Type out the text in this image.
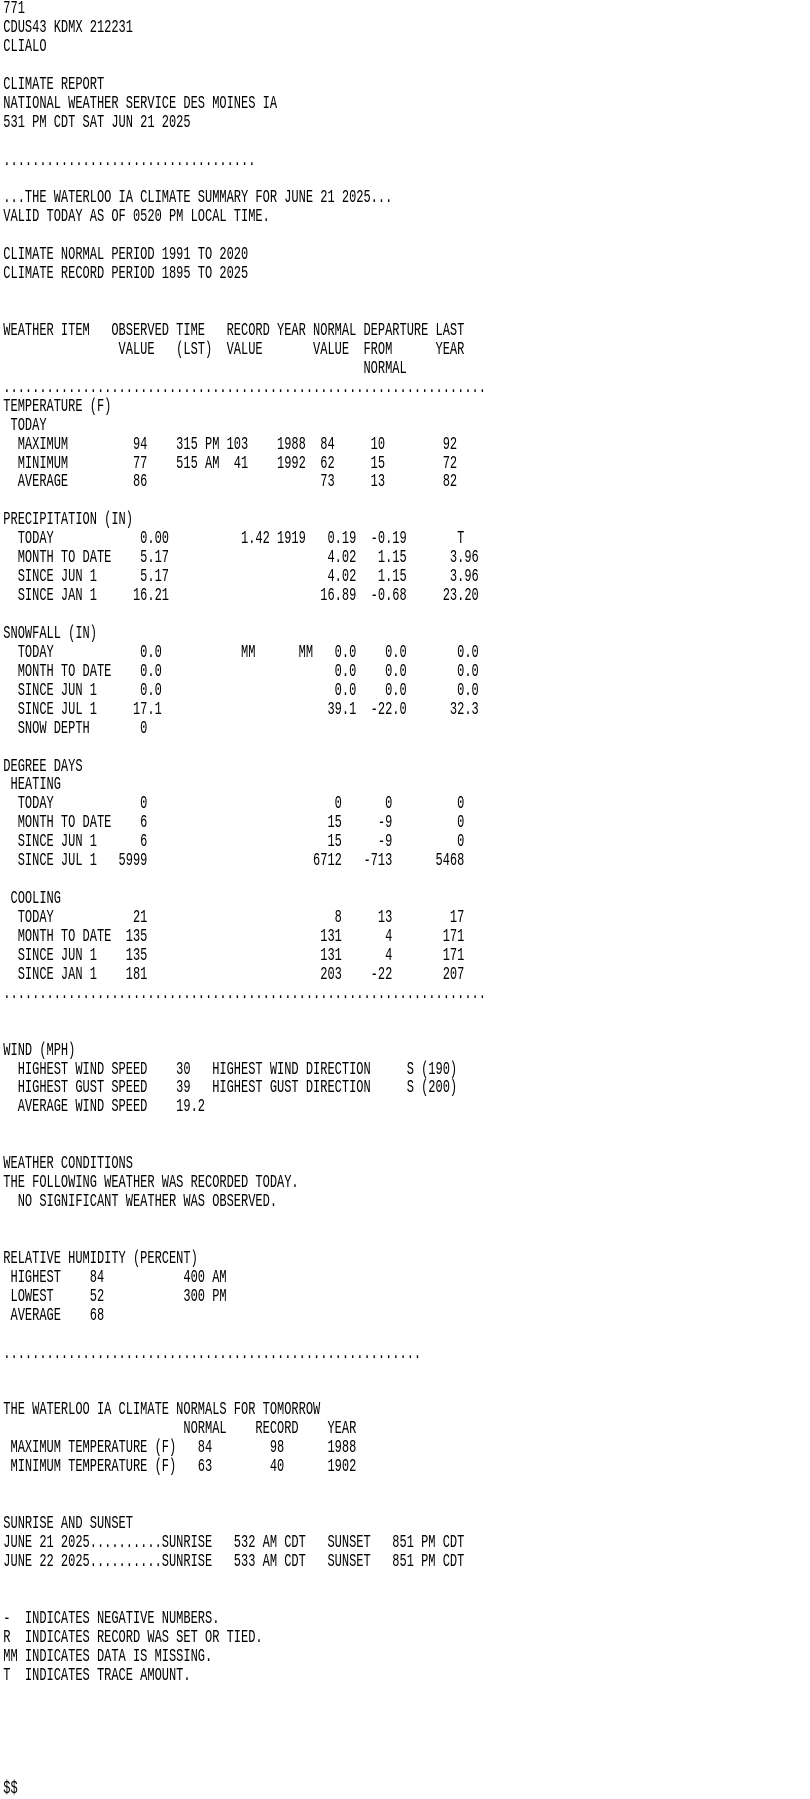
771
CDUS43 KDMX 212231
CLIALO
CLIMATE REPORT
NATIONAL WEATHER SERVICE DES MOINES IA
531 PM CDT SAT JUN 21 2025
...................................
...THE WATERLOO IA CLIMATE SUMMARY FOR JUNE 21 2025...
VALID TODAY AS OF 0520 PM LOCAL TIME.
CLIMATE NORMAL PERIOD 1991 TO 2020
CLIMATE RECORD PERIOD 1895 TO 2025
WEATHER ITEM   OBSERVED TIME   RECORD YEAR NORMAL DEPARTURE LAST
VALUE   (LST)  VALUE       VALUE  FROM      YEAR
NORMAL
...................................................................
TEMPERATURE (F)
TODAY
MAXIMUM         94    315 PM 103    1988  84     10        92
MINIMUM         77    515 AM  41    1992  62     15        72
AVERAGE         86                        73     13        82
PRECIPITATION (IN)
TODAY            0.00          1.42 1919   0.19  -0.19       T
MONTH TO DATE    5.17                      4.02   1.15      3.96
SINCE JUN 1      5.17                      4.02   1.15      3.96
SINCE JAN 1     16.21                     16.89  -0.68     23.20
SNOWFALL (IN)
TODAY            0.0           MM      MM   0.0    0.0       0.0
MONTH TO DATE    0.0                        0.0    0.0       0.0
SINCE JUN 1      0.0                        0.0    0.0       0.0
SINCE JUL 1     17.1                       39.1  -22.0      32.3
SNOW DEPTH       0
DEGREE DAYS
HEATING
TODAY            0                          0      0         0
MONTH TO DATE    6                         15     -9         0
SINCE JUN 1      6                         15     -9         0
SINCE JUL 1   5999                       6712   -713      5468
COOLING
TODAY           21                          8     13        17
MONTH TO DATE  135                        131      4       171
SINCE JUN 1    135                        131      4       171
SINCE JAN 1    181                        203    -22       207
...................................................................
WIND (MPH)
HIGHEST WIND SPEED    30   HIGHEST WIND DIRECTION     S (190)
HIGHEST GUST SPEED    39   HIGHEST GUST DIRECTION     S (200)
AVERAGE WIND SPEED    19.2
WEATHER CONDITIONS
THE FOLLOWING WEATHER WAS RECORDED TODAY.
NO SIGNIFICANT WEATHER WAS OBSERVED.
RELATIVE HUMIDITY (PERCENT)
HIGHEST    84           400 AM
LOWEST     52           300 PM
AVERAGE    68
..........................................................
THE WATERLOO IA CLIMATE NORMALS FOR TOMORROW
NORMAL    RECORD    YEAR
MAXIMUM TEMPERATURE (F)   84        98      1988
MINIMUM TEMPERATURE (F)   63        40      1902
SUNRISE AND SUNSET
JUNE 21 2025..........SUNRISE   532 AM CDT   SUNSET   851 PM CDT
JUNE 22 2025..........SUNRISE   533 AM CDT   SUNSET   851 PM CDT
-  INDICATES NEGATIVE NUMBERS.
R  INDICATES RECORD WAS SET OR TIED.
MM INDICATES DATA IS MISSING.
T  INDICATES TRACE AMOUNT.
$$
